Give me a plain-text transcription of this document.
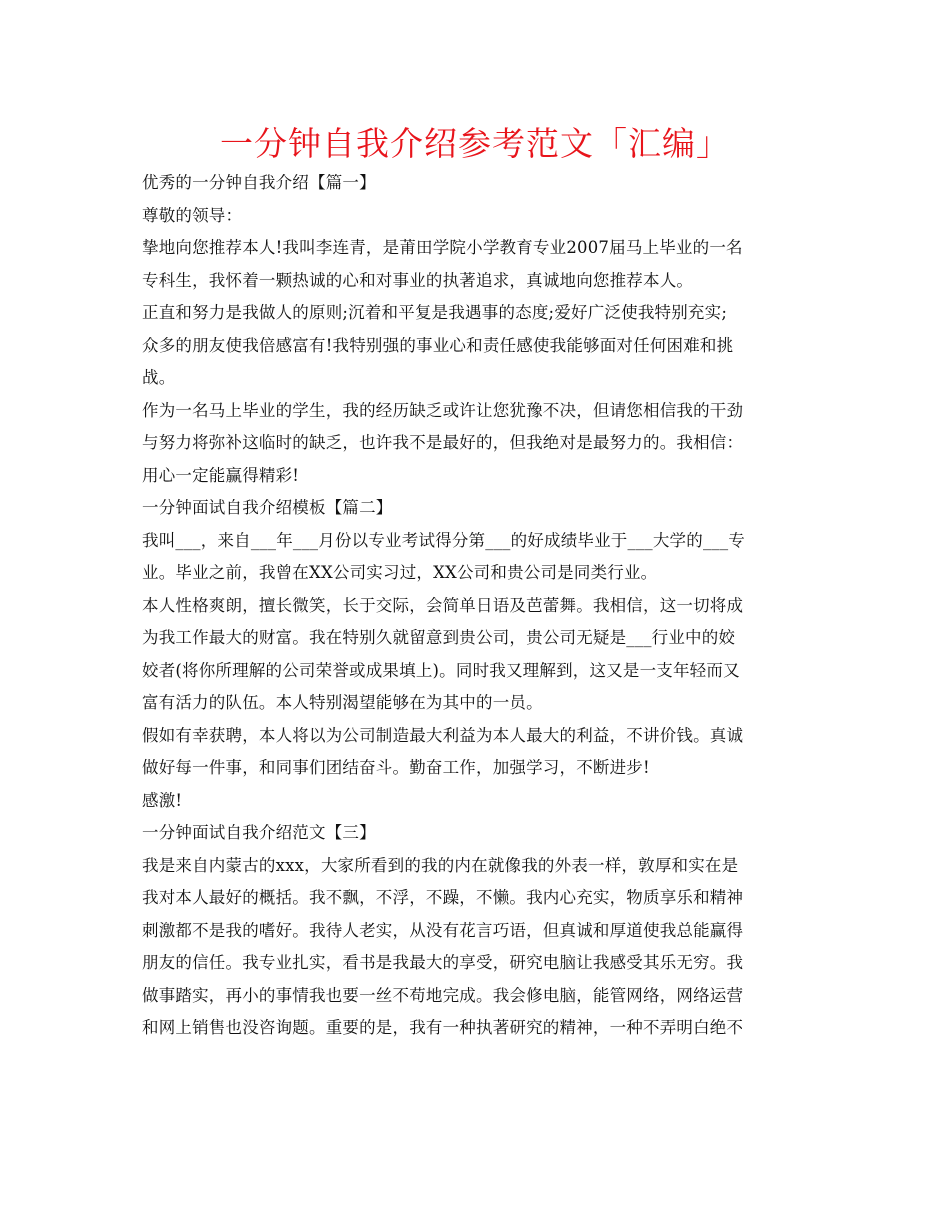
一分钟自我介绍参考范文「汇编」

优秀的一分钟自我介绍【篇一】

尊敬的领导：

挚地向您推荐本人!我叫李连青，是莆田学院小学教育专业2007届马上毕业的一名

专科生，我怀着一颗热诚的心和对事业的执著追求，真诚地向您推荐本人。

正直和努力是我做人的原则;沉着和平复是我遇事的态度;爱好广泛使我特别充实;

众多的朋友使我倍感富有!我特别强的事业心和责任感使我能够面对任何困难和挑

战。

作为一名马上毕业的学生，我的经历缺乏或许让您犹豫不决，但请您相信我的干劲

与努力将弥补这临时的缺乏，也许我不是最好的，但我绝对是最努力的。我相信：

用心一定能赢得精彩!

一分钟面试自我介绍模板【篇二】

我叫___，来自___年___月份以专业考试得分第___的好成绩毕业于___大学的___专

业。毕业之前，我曾在XX公司实习过，XX公司和贵公司是同类行业。

本人性格爽朗，擅长微笑，长于交际，会简单日语及芭蕾舞。我相信，这一切将成

为我工作最大的财富。我在特别久就留意到贵公司，贵公司无疑是___行业中的姣

姣者(将你所理解的公司荣誉或成果填上)。同时我又理解到，这又是一支年轻而又

富有活力的队伍。本人特别渴望能够在为其中的一员。

假如有幸获聘，本人将以为公司制造最大利益为本人最大的利益，不讲价钱。真诚

做好每一件事，和同事们团结奋斗。勤奋工作，加强学习，不断进步!

感激!

一分钟面试自我介绍范文【三】

我是来自内蒙古的xxx，大家所看到的我的内在就像我的外表一样，敦厚和实在是

我对本人最好的概括。我不飘，不浮，不躁，不懒。我内心充实，物质享乐和精神

刺激都不是我的嗜好。我待人老实，从没有花言巧语，但真诚和厚道使我总能赢得

朋友的信任。我专业扎实，看书是我最大的享受，研究电脑让我感受其乐无穷。我

做事踏实，再小的事情我也要一丝不苟地完成。我会修电脑，能管网络，网络运营

和网上销售也没咨询题。重要的是，我有一种执著研究的精神，一种不弄明白绝不
